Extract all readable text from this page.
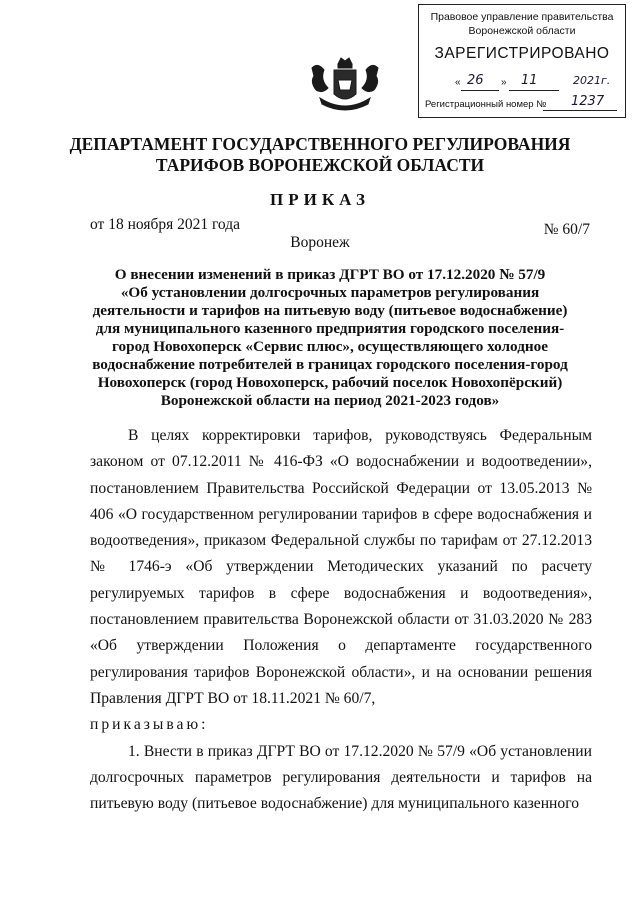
Правовое управление правительства
Воронежской области
ЗАРЕГИСТРИРОВАНО
« 26 » 11	2021г.
Регистрационный номер № 1237
ДЕПАРТАМЕНТ ГОСУДАРСТВЕННОГО РЕГУЛИРОВАНИЯ
ТАРИФОВ ВОРОНЕЖСКОЙ ОБЛАСТИ
ПРИКАЗ
от 18 ноября 2021 года	№ 60/7
Воронеж
О внесении изменений в приказ ДГРТ ВО от 17.12.2020 № 57/9
«Об установлении долгосрочных параметров регулирования
деятельности и тарифов на питьевую воду (питьевое водоснабжение)
для муниципального казенного предприятия городского поселения-
город Новохоперск «Сервис плюс», осуществляющего холодное
водоснабжение потребителей в границах городского поселения-город
Новохоперск (город Новохоперск, рабочий поселок Новохопёрский)
Воронежской области на период 2021-2023 годов»

В целях корректировки тарифов, руководствуясь Федеральным законом от 07.12.2011 № 416-ФЗ «О водоснабжении и водоотведении», постановлением Правительства Российской Федерации от 13.05.2013 № 406 «О государственном регулировании тарифов в сфере водоснабжения и водоотведения», приказом Федеральной службы по тарифам от 27.12.2013 № 1746-э «Об утверждении Методических указаний по расчету регулируемых тарифов в сфере водоснабжения и водоотведения», постановлением правительства Воронежской области от 31.03.2020 № 283 «Об утверждении Положения о департаменте государственного регулирования тарифов Воронежской области», и на основании решения Правления ДГРТ ВО от 18.11.2021 № 60/7,

приказываю:

1. Внести в приказ ДГРТ ВО от 17.12.2020 № 57/9 «Об установлении долгосрочных параметров регулирования деятельности и тарифов на питьевую воду (питьевое водоснабжение) для муниципального казенного
